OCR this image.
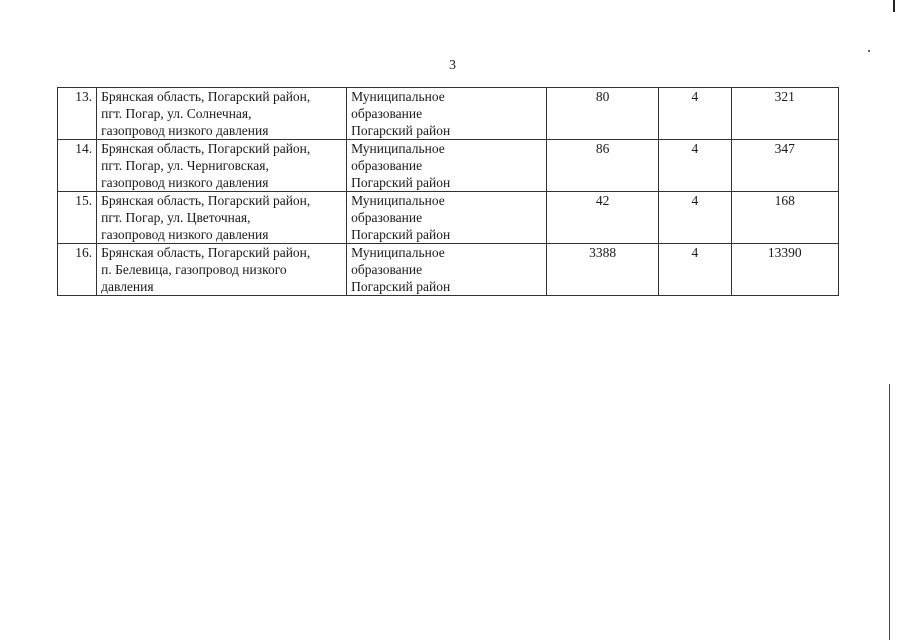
3
13.	Брянская область, Погарский район,
пгт. Погар, ул. Солнечная,
газопровод низкого давления	Муниципальное
образование
Погарский район	80	4	321
14.	Брянская область, Погарский район,
пгт. Погар, ул. Черниговская,
газопровод низкого давления	Муниципальное
образование
Погарский район	86	4	347
15.	Брянская область, Погарский район,
пгт. Погар, ул. Цветочная,
газопровод низкого давления	Муниципальное
образование
Погарский район	42	4	168
16.	Брянская область, Погарский район,
п. Белевица, газопровод низкого
давления	Муниципальное
образование
Погарский район	3388	4	13390
